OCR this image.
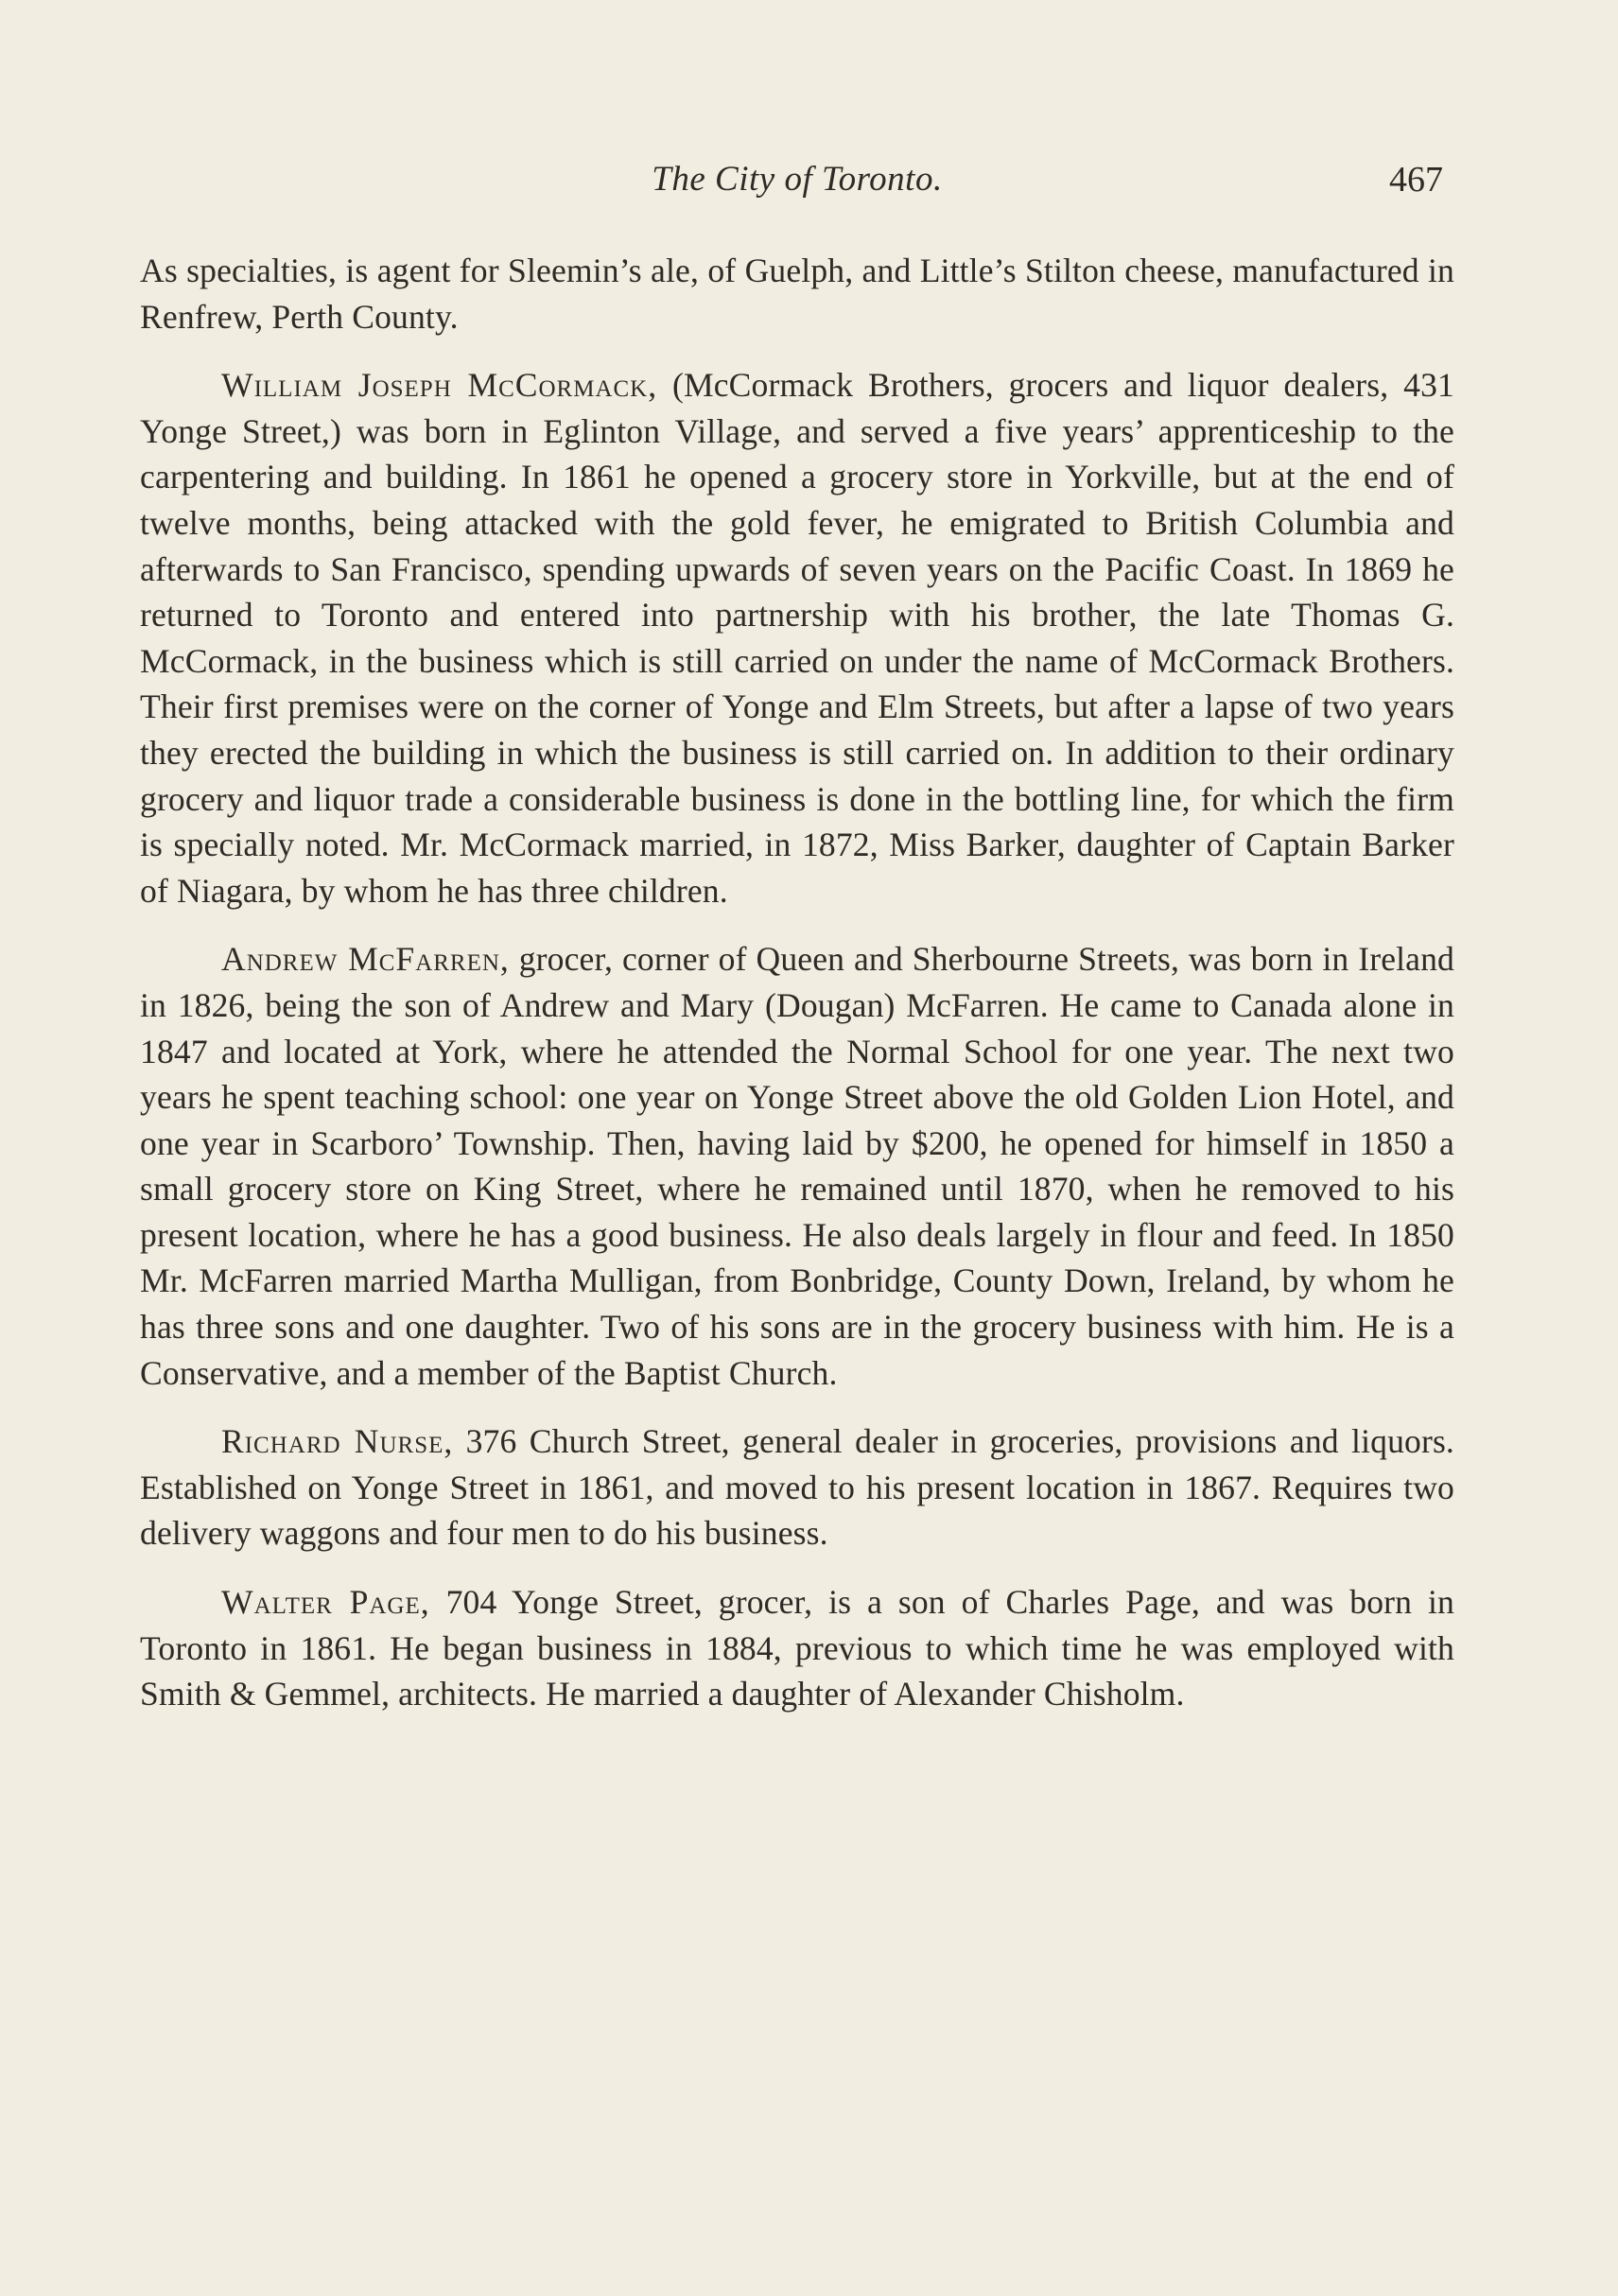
The City of Toronto.	467

As specialties, is agent for Sleemin’s ale, of Guelph, and Little’s Stilton cheese, manufactured in Renfrew, Perth County.

William Joseph McCormack, (McCormack Brothers, grocers and liquor dealers, 431 Yonge Street,) was born in Eglinton Village, and served a five years’ apprenticeship to the carpentering and building. In 1861 he opened a grocery store in Yorkville, but at the end of twelve months, being attacked with the gold fever, he emigrated to British Columbia and afterwards to San Francisco, spending upwards of seven years on the Pacific Coast. In 1869 he returned to Toronto and entered into partnership with his brother, the late Thomas G. McCormack, in the business which is still carried on under the name of McCormack Brothers. Their first premises were on the corner of Yonge and Elm Streets, but after a lapse of two years they erected the building in which the business is still carried on. In addition to their ordinary grocery and liquor trade a considerable business is done in the bottling line, for which the firm is specially noted. Mr. McCormack married, in 1872, Miss Barker, daughter of Captain Barker of Niagara, by whom he has three children.

Andrew McFarren, grocer, corner of Queen and Sherbourne Streets, was born in Ireland in 1826, being the son of Andrew and Mary (Dougan) McFarren. He came to Canada alone in 1847 and located at York, where he attended the Normal School for one year. The next two years he spent teaching school: one year on Yonge Street above the old Golden Lion Hotel, and one year in Scarboro’ Township. Then, having laid by $200, he opened for himself in 1850 a small grocery store on King Street, where he remained until 1870, when he removed to his present location, where he has a good business. He also deals largely in flour and feed. In 1850 Mr. McFarren married Martha Mulligan, from Bonbridge, County Down, Ireland, by whom he has three sons and one daughter. Two of his sons are in the grocery business with him. He is a Conservative, and a member of the Baptist Church.

Richard Nurse, 376 Church Street, general dealer in groceries, provisions and liquors. Established on Yonge Street in 1861, and moved to his present location in 1867. Requires two delivery waggons and four men to do his business.

Walter Page, 704 Yonge Street, grocer, is a son of Charles Page, and was born in Toronto in 1861. He began business in 1884, previous to which time he was employed with Smith & Gemmel, architects. He married a daughter of Alexander Chisholm.
